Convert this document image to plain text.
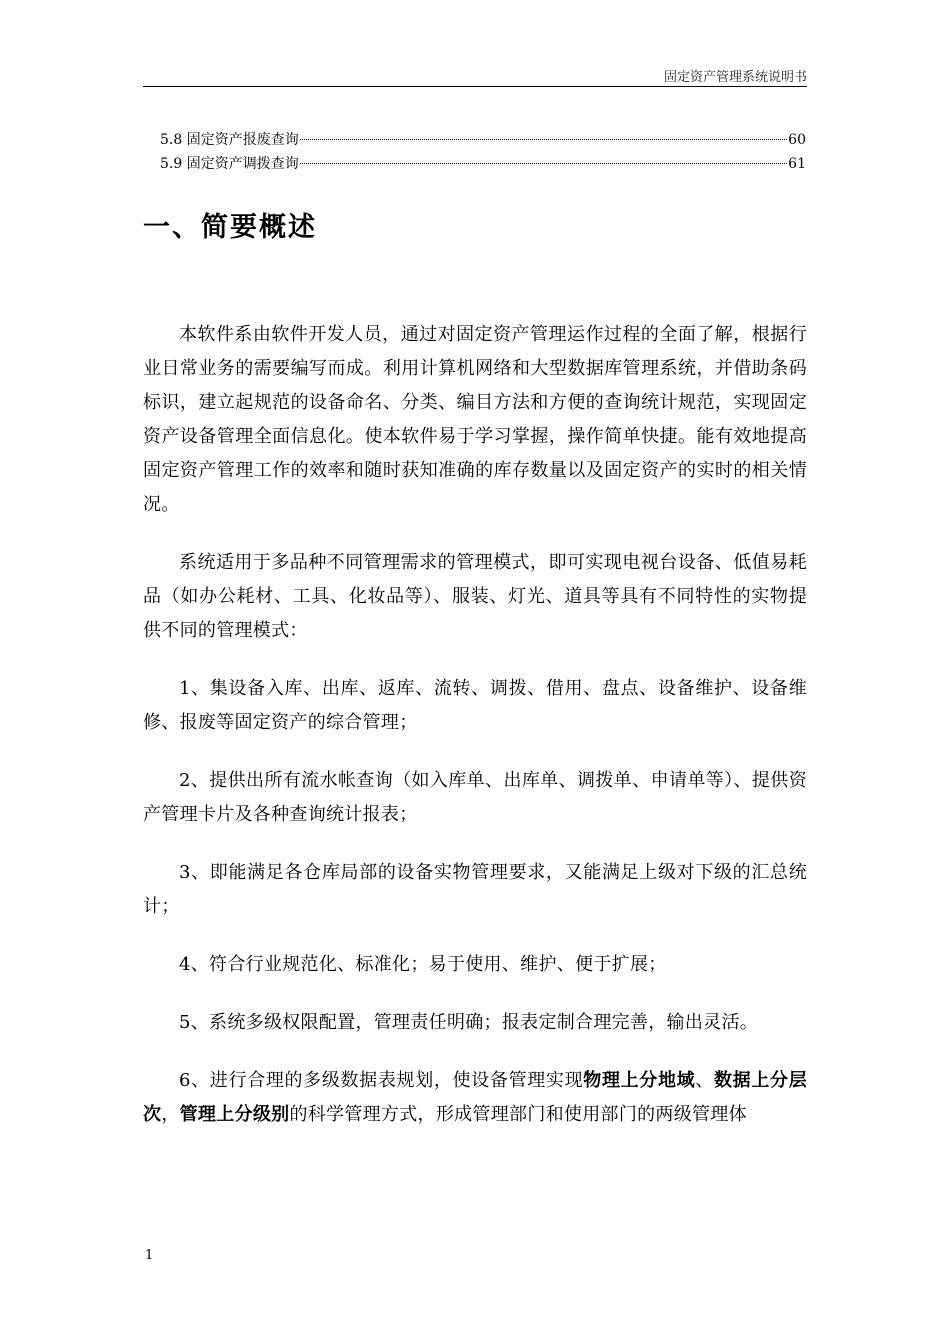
固定资产管理系统说明书
5.8 固定资产报废查询	60
5.9 固定资产调拨查询	61
一、简要概述

本软件系由软件开发人员，通过对固定资产管理运作过程的全面了解，根据行业日常业务的需要编写而成。利用计算机网络和大型数据库管理系统，并借助条码标识，建立起规范的设备命名、分类、编目方法和方便的查询统计规范，实现固定资产设备管理全面信息化。使本软件易于学习掌握，操作简单快捷。能有效地提高固定资产管理工作的效率和随时获知准确的库存数量以及固定资产的实时的相关情况。

系统适用于多品种不同管理需求的管理模式，即可实现电视台设备、低值易耗品（如办公耗材、工具、化妆品等）、服装、灯光、道具等具有不同特性的实物提供不同的管理模式：

1、集设备入库、出库、返库、流转、调拨、借用、盘点、设备维护、设备维修、报废等固定资产的综合管理；

2、提供出所有流水帐查询（如入库单、出库单、调拨单、申请单等）、提供资产管理卡片及各种查询统计报表；

3、即能满足各仓库局部的设备实物管理要求，又能满足上级对下级的汇总统计；

4、符合行业规范化、标准化；易于使用、维护、便于扩展；

5、系统多级权限配置，管理责任明确；报表定制合理完善，输出灵活。

6、进行合理的多级数据表规划，使设备管理实现物理上分地域、数据上分层次，管理上分级别的科学管理方式，形成管理部门和使用部门的两级管理体

1
